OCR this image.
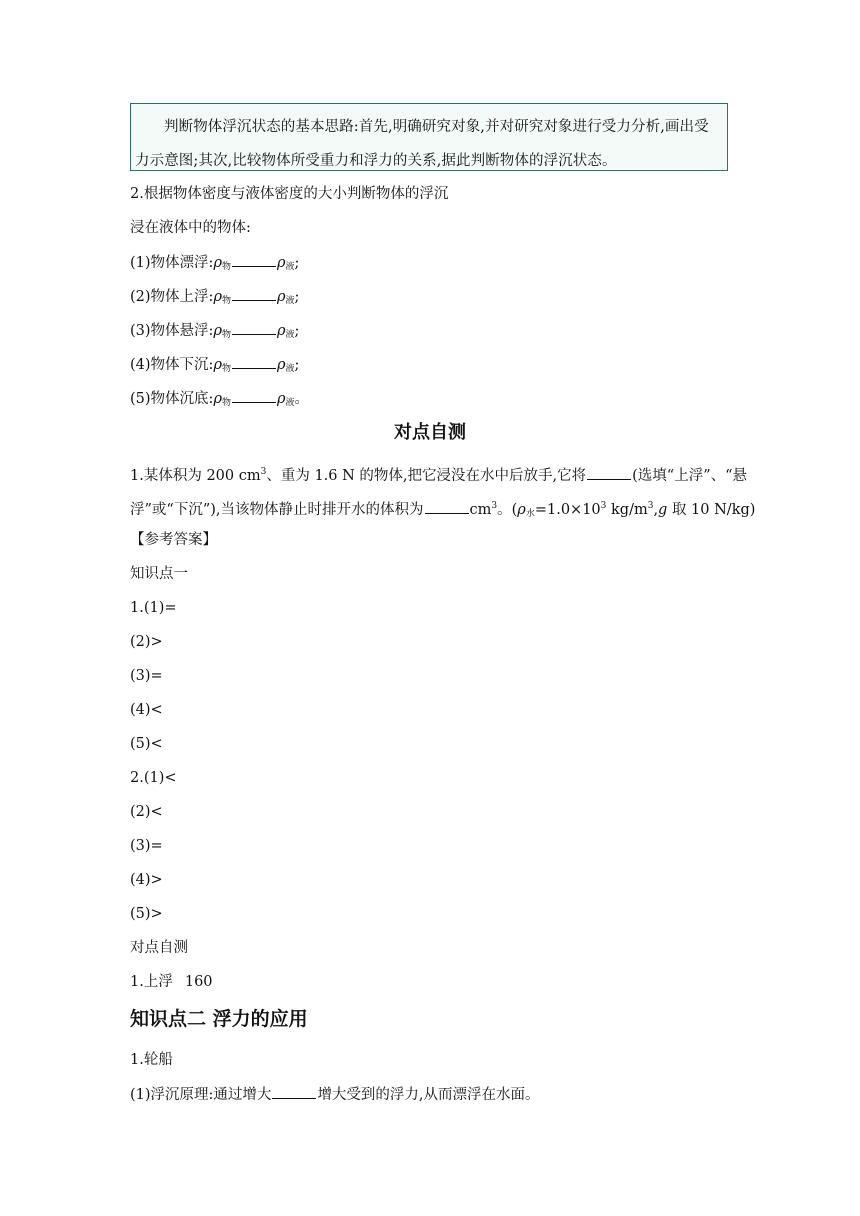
判断物体浮沉状态的基本思路:首先,明确研究对象,并对研究对象进行受力分析,画出受
力示意图;其次,比较物体所受重力和浮力的关系,据此判断物体的浮沉状态。
2.根据物体密度与液体密度的大小判断物体的浮沉
浸在液体中的物体:
(1)物体漂浮$:\rho_物$	$\rho_液$;
(2)物体上浮$:\rho_物$	$\rho_液$;
(3)物体悬浮$:\rho_物$	$\rho_液$;
(4)物体下沉$:\rho_物$	$\rho_液$;
(5)物体沉底$:\rho_物$	$\rho_液$。
对点自测
1.某体积为 200 $cm^3$、重为 1.6 N 的物体,把它浸没在水中后放手,它将	(选填“上浮”、“悬
浮”或“下沉”),当该物体静止时排开水的体积为	$cm^3$。($\rho_水=1.0\times 10^3$ $kg/m^3,g$ 取 10 N/kg)
【参考答案】
知识点一
1.(1)=
(2)>
(3)=
(4)<
(5)<
2.(1)<
(2)<
(3)=
(4)>
(5)>
对点自测
1.上浮 160
知识点二 浮力的应用
1.轮船
(1)浮沉原理:通过增大	增大受到的浮力,从而漂浮在水面。
